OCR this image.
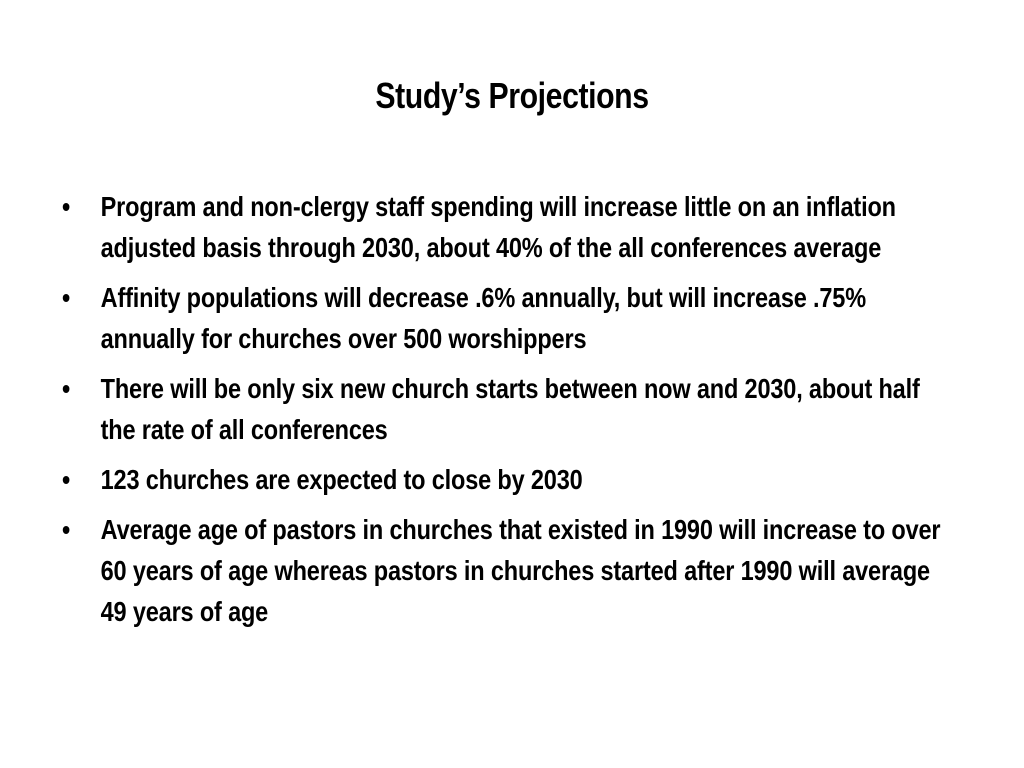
Study’s Projections
•	Program and non-clergy staff spending will increase little on an inflation adjusted basis through 2030, about 40% of the all conferences average
•	Affinity populations will decrease .6% annually, but will increase .75% annually for churches over 500 worshippers
•	There will be only six new church starts between now and 2030, about half the rate of all conferences
•	123 churches are expected to close by 2030
•	Average age of pastors in churches that existed in 1990 will increase to over 60 years of age whereas pastors in churches started after 1990 will average 49 years of age
